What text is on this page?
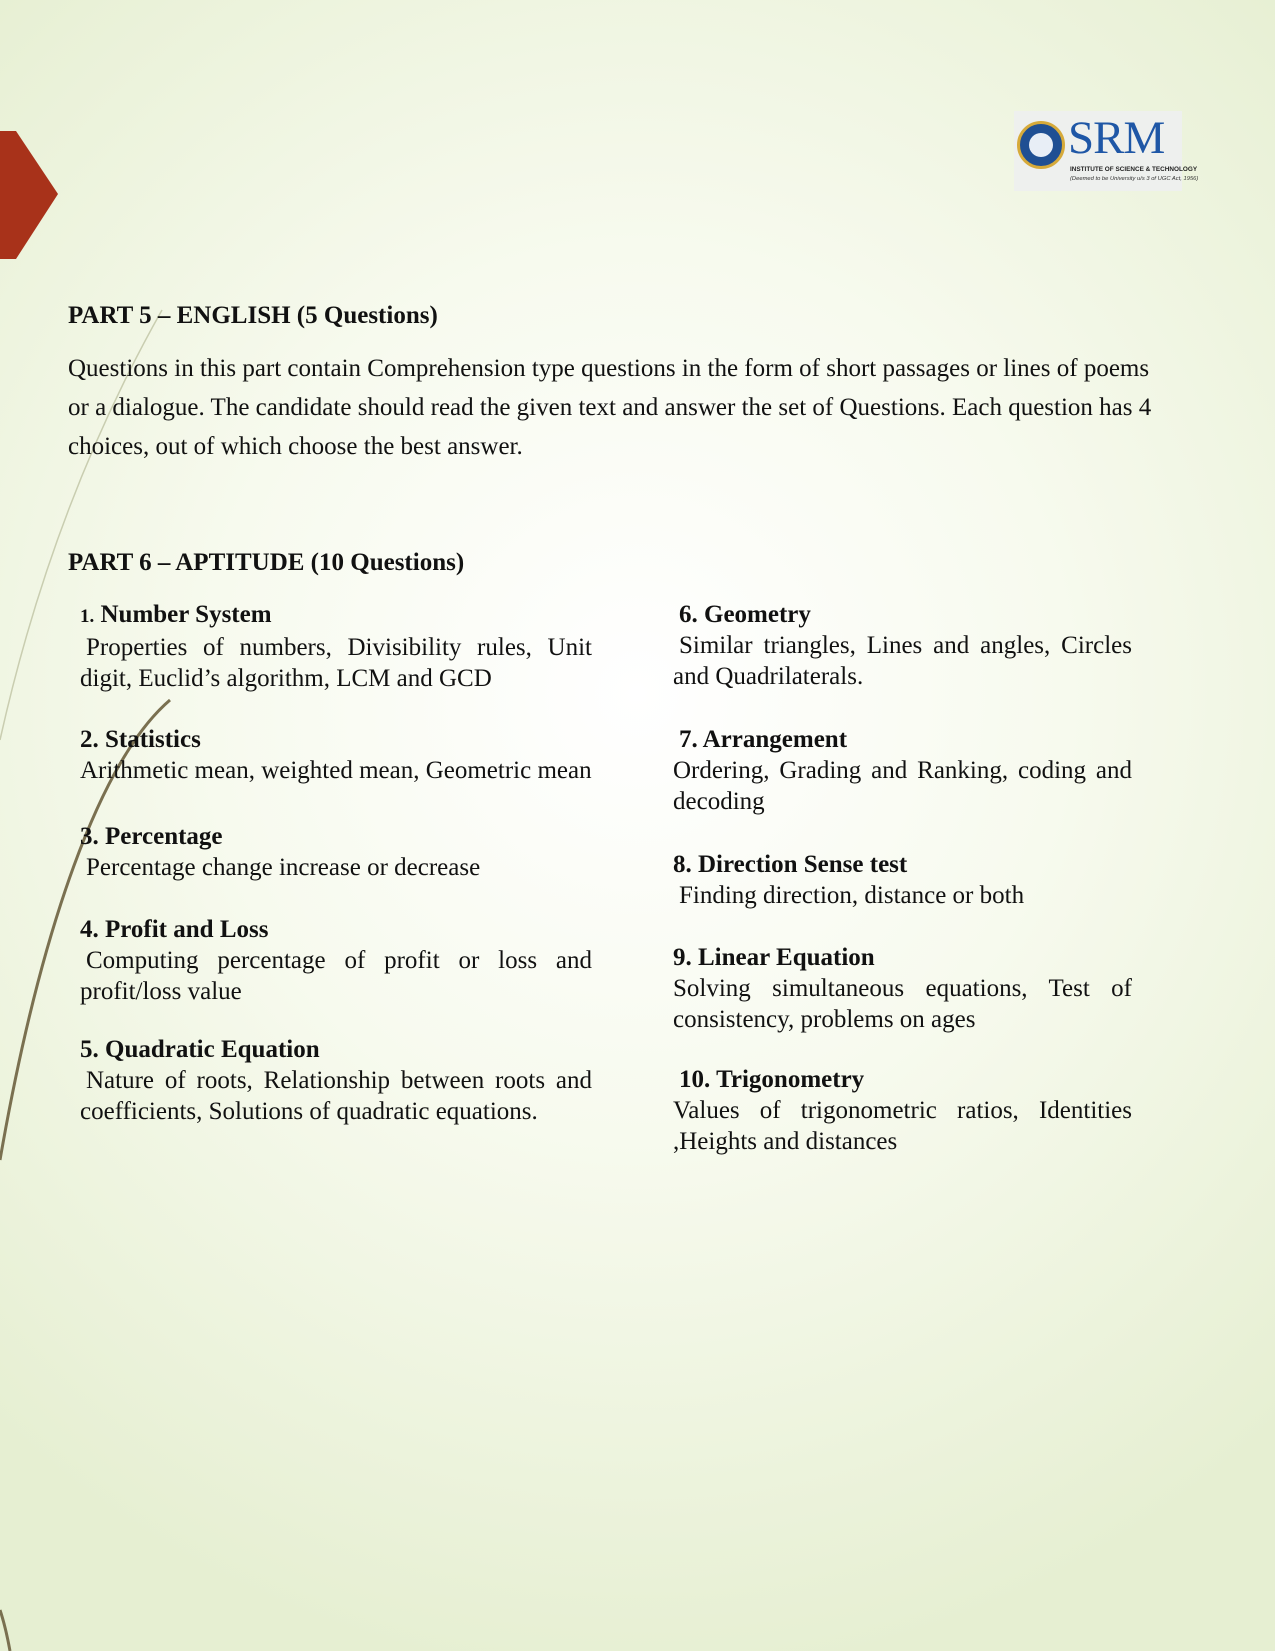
SRM
INSTITUTE OF SCIENCE & TECHNOLOGY
(Deemed to be University u/s 3 of UGC Act, 1956)
PART 5 – ENGLISH (5 Questions)

Questions in this part contain Comprehension type questions in the form of short passages or lines of poems or a dialogue. The candidate should read the given text and answer the set of Questions. Each question has 4 choices, out of which choose the best answer.

PART 6 – APTITUDE (10 Questions)
1. Number System
Properties of numbers, Divisibility rules, Unit digit, Euclid’s algorithm, LCM and GCD
2. Statistics
Arithmetic mean, weighted mean, Geometric mean
3. Percentage
Percentage change increase or decrease
4. Profit and Loss
Computing percentage of profit or loss and profit/loss value
5. Quadratic Equation
Nature of roots, Relationship between roots and coefficients, Solutions of quadratic equations.
6. Geometry
Similar triangles, Lines and angles, Circles and Quadrilaterals.
7. Arrangement
Ordering, Grading and Ranking, coding and decoding
8. Direction Sense test
Finding direction, distance or both
9. Linear Equation
Solving simultaneous equations, Test of consistency, problems on ages
10. Trigonometry
Values of trigonometric ratios, Identities ,Heights and distances
